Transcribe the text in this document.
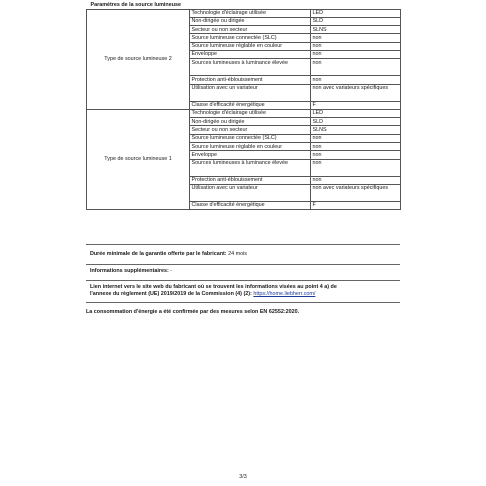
Paramètres de la source lumineuse		
Type de source lumineuse 2	Technologie d'éclairage utilisée	LED
	Non-dirigée ou dirigée	SLD
	Secteur ou non secteur	SLNS
	Source lumineuse connectée (SLC)	non
	Source lumineuse réglable en couleur	non
	Enveloppe	non
	Sources lumineuses à luminance élevée	non
	Protection anti-éblouissement	non
	Utilisation avec un variateur	non avec variateurs spécifiques
	Classe d'efficacité énergétique	F
Type de source lumineuse 1	Technologie d'éclairage utilisée	LED
	Non-dirigée ou dirigée	SLD
	Secteur ou non secteur	SLNS
	Source lumineuse connectée (SLC)	non
	Source lumineuse réglable en couleur	non
	Enveloppe	non
	Sources lumineuses à luminance élevée	non
	Protection anti-éblouissement	non
	Utilisation avec un variateur	non avec variateurs spécifiques
	Classe d'efficacité énergétique	F
Durée minimale de la garantie offerte par le fabricant: 24 mois
Informations supplémentaires: -
Lien internet vers le site web du fabricant où se trouvent les informations visées au point 4 a) de
l'annexe du règlement (UE) 2019/2019 de la Commission (4) (2): https://home.liebherr.com/
La consommation d'énergie a été confirmée par des mesures selon EN 62552:2020.
3/3
